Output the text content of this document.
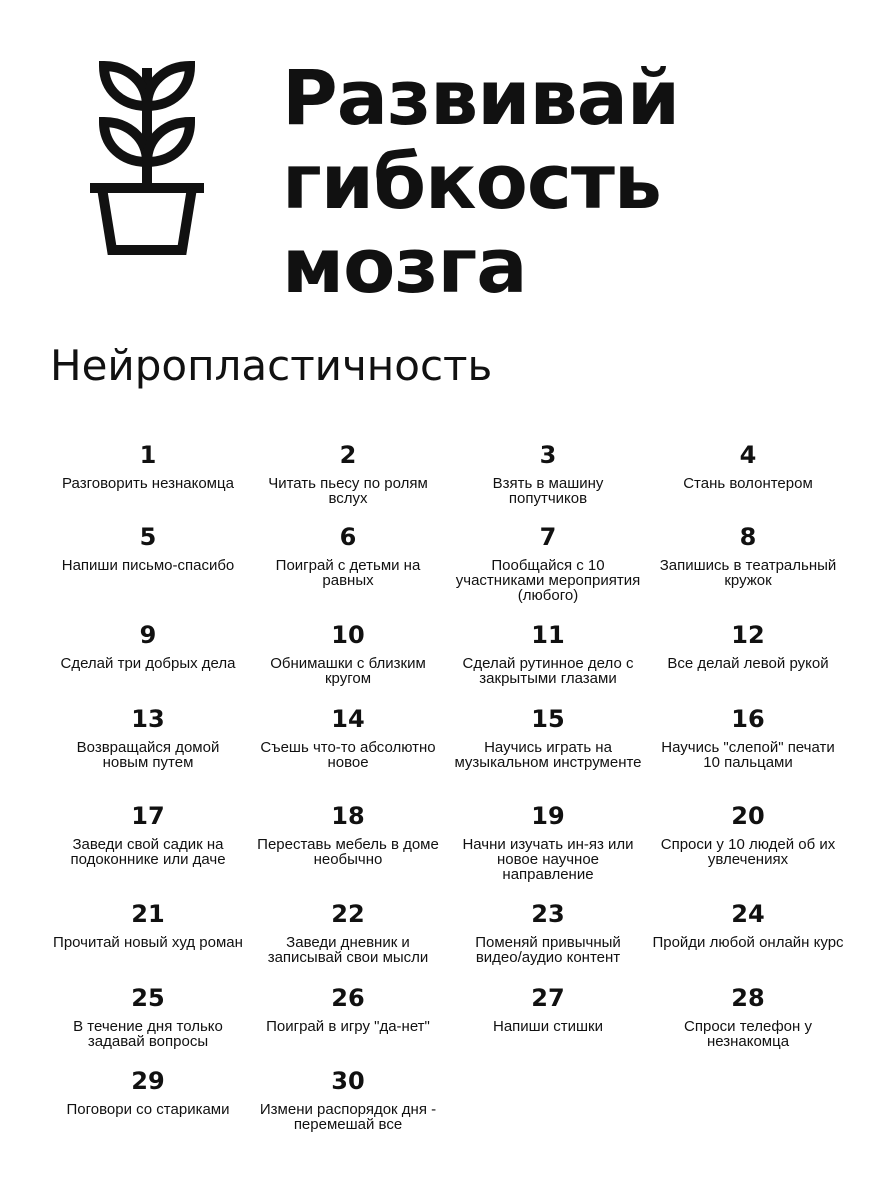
Развивай
гибкость
мозга
Нейропластичность
1
Разговорить незнакомца
2
Читать пьесу по ролям вслух
3
Взять в машину попутчиков
4
Стань волонтером
5
Напиши письмо-спасибо
6
Поиграй с детьми на равных
7
Пообщайся с 10 участниками мероприятия (любого)
8
Запишись в театральный кружок
9
Сделай три добрых дела
10
Обнимашки с близким кругом
11
Сделай рутинное дело с закрытыми глазами
12
Все делай левой рукой
13
Возвращайся домой новым путем
14
Съешь что-то абсолютно новое
15
Научись играть на музыкальном инструменте
16
Научись "слепой" печати 10 пальцами
17
Заведи свой садик на подоконнике или даче
18
Переставь мебель в доме необычно
19
Начни изучать ин-яз или новое научное направление
20
Спроси у 10 людей об их увлечениях
21
Прочитай новый худ роман
22
Заведи дневник и записывай свои мысли
23
Поменяй привычный видео/аудио контент
24
Пройди любой онлайн курс
25
В течение дня только задавай вопросы
26
Поиграй в игру "да-нет"
27
Напиши стишки
28
Спроси телефон у незнакомца
29
Поговори со стариками
30
Измени распорядок дня - перемешай все
